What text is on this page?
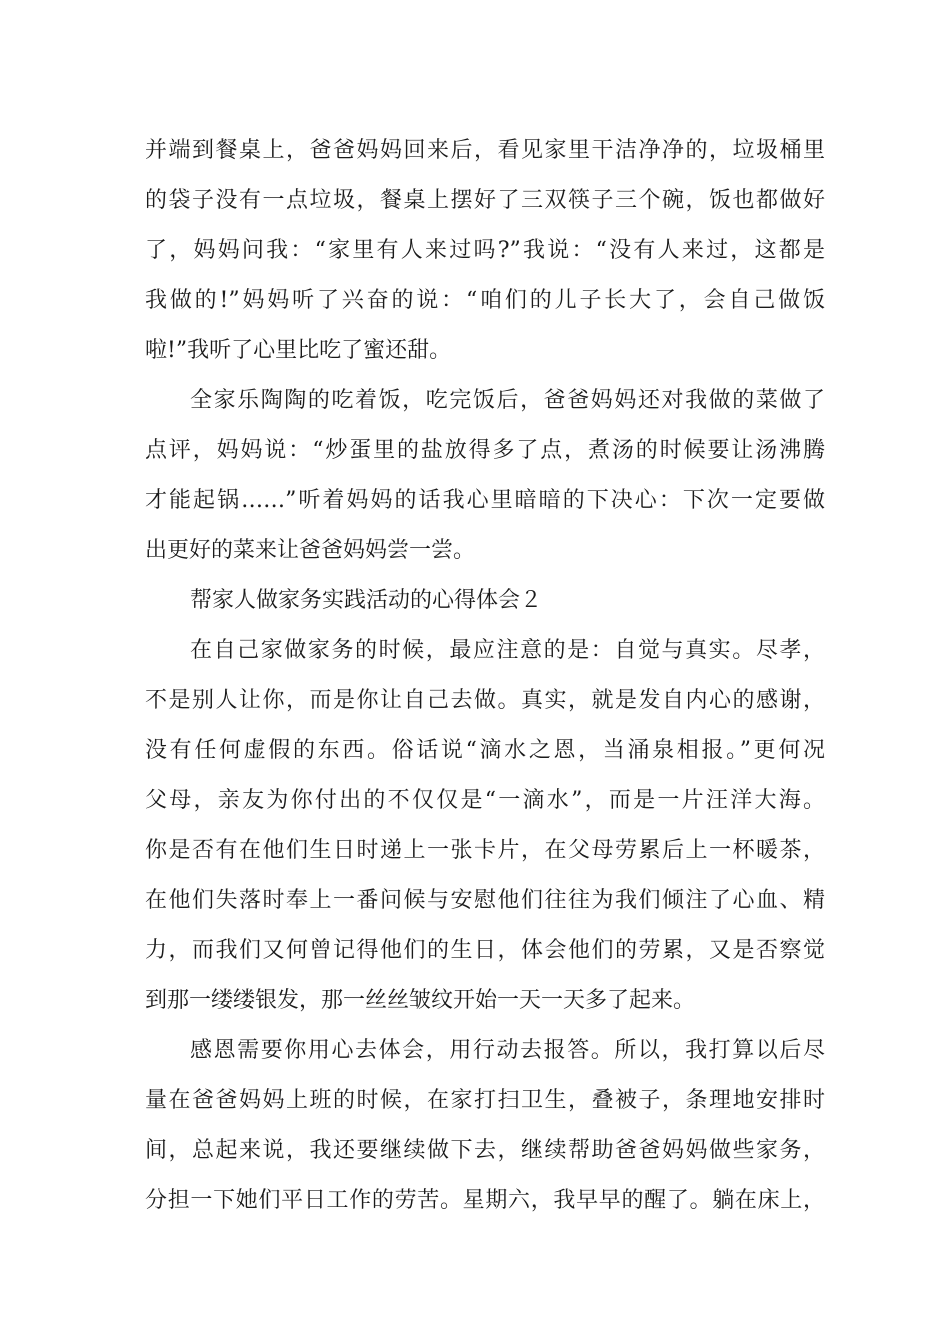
并端到餐桌上，爸爸妈妈回来后，看见家里干洁净净的，垃圾桶里
的袋子没有一点垃圾，餐桌上摆好了三双筷子三个碗，饭也都做好
了，妈妈问我：“家里有人来过吗?”我说：“没有人来过，这都是
我做的!”妈妈听了兴奋的说：“咱们的儿子长大了，会自己做饭
啦!”我听了心里比吃了蜜还甜。
全家乐陶陶的吃着饭，吃完饭后，爸爸妈妈还对我做的菜做了
点评，妈妈说：“炒蛋里的盐放得多了点，煮汤的时候要让汤沸腾
才能起锅……”听着妈妈的话我心里暗暗的下决心：下次一定要做
出更好的菜来让爸爸妈妈尝一尝。
帮家人做家务实践活动的心得体会２
在自己家做家务的时候，最应注意的是：自觉与真实。尽孝，
不是别人让你，而是你让自己去做。真实，就是发自内心的感谢，
没有任何虚假的东西。俗话说“滴水之恩，当涌泉相报。”更何况
父母，亲友为你付出的不仅仅是“一滴水”，而是一片汪洋大海。
你是否有在他们生日时递上一张卡片，在父母劳累后上一杯暖茶，
在他们失落时奉上一番问候与安慰他们往往为我们倾注了心血、精
力，而我们又何曾记得他们的生日，体会他们的劳累，又是否察觉
到那一缕缕银发，那一丝丝皱纹开始一天一天多了起来。
感恩需要你用心去体会，用行动去报答。所以，我打算以后尽
量在爸爸妈妈上班的时候，在家打扫卫生，叠被子，条理地安排时
间，总起来说，我还要继续做下去，继续帮助爸爸妈妈做些家务，
分担一下她们平日工作的劳苦。星期六，我早早的醒了。躺在床上，
